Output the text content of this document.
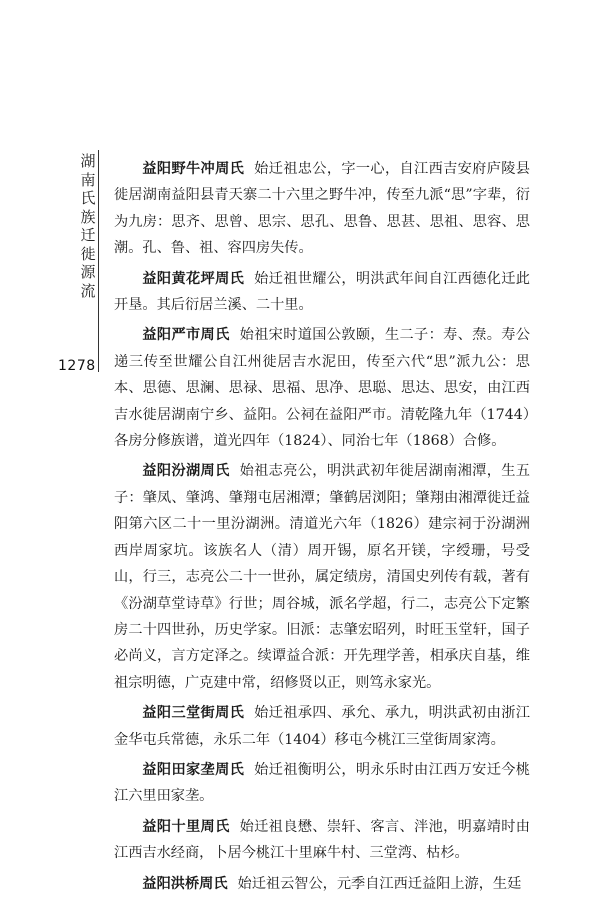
湖南氏族迁徙源流
1278

益阳野牛冲周氏 始迁祖忠公，字一心，自江西吉安府庐陵县徙居湖南益阳县青天寨二十六里之野牛冲，传至九派“思”字辈，衍为九房：思齐、思曾、思宗、思孔、思鲁、思甚、思祖、思容、思潮。孔、鲁、祖、容四房失传。

益阳黄花坪周氏 始迁祖世耀公，明洪武年间自江西德化迁此开垦。其后衍居兰溪、二十里。

益阳严市周氏 始祖宋时道国公敦颐，生二子：寿、焘。寿公递三传至世耀公自江州徙居吉水泥田，传至六代“思”派九公：思本、思德、思澜、思禄、思福、思净、思聪、思达、思安，由江西吉水徙居湖南宁乡、益阳。公祠在益阳严市。清乾隆九年（1744）各房分修族谱，道光四年（1824）、同治七年（1868）合修。

益阳汾湖周氏 始祖志亮公，明洪武初年徙居湖南湘潭，生五子：肇凤、肇鸿、肇翔屯居湘潭；肇鹤居浏阳；肇翔由湘潭徙迁益阳第六区二十一里汾湖洲。清道光六年（1826）建宗祠于汾湖洲西岸周家坑。该族名人（清）周开锡，原名开镁，字绶珊，号受山，行三，志亮公二十一世孙，属定绩房，清国史列传有载，著有《汾湖草堂诗草》行世；周谷城，派名学超，行二，志亮公下定繁房二十四世孙，历史学家。旧派：志肇宏昭列，时旺玉堂轩，国子必尚义，言方定泽之。续谭益合派：开先理学善，相承庆自基，维祖宗明德，广克建中常，绍修贤以正，则笃永家光。

益阳三堂街周氏 始迁祖承四、承允、承九，明洪武初由浙江金华屯兵常德，永乐二年（1404）移屯今桃江三堂街周家湾。

益阳田家垄周氏 始迁祖衡明公，明永乐时由江西万安迁今桃江六里田家垄。

益阳十里周氏 始迁祖良懋、崇轩、客言、泮池，明嘉靖时由江西吉水经商，卜居今桃江十里麻牛村、三堂湾、枯杉。

益阳洪桥周氏 始迁祖云智公，元季自江西迁益阳上游，生廷
